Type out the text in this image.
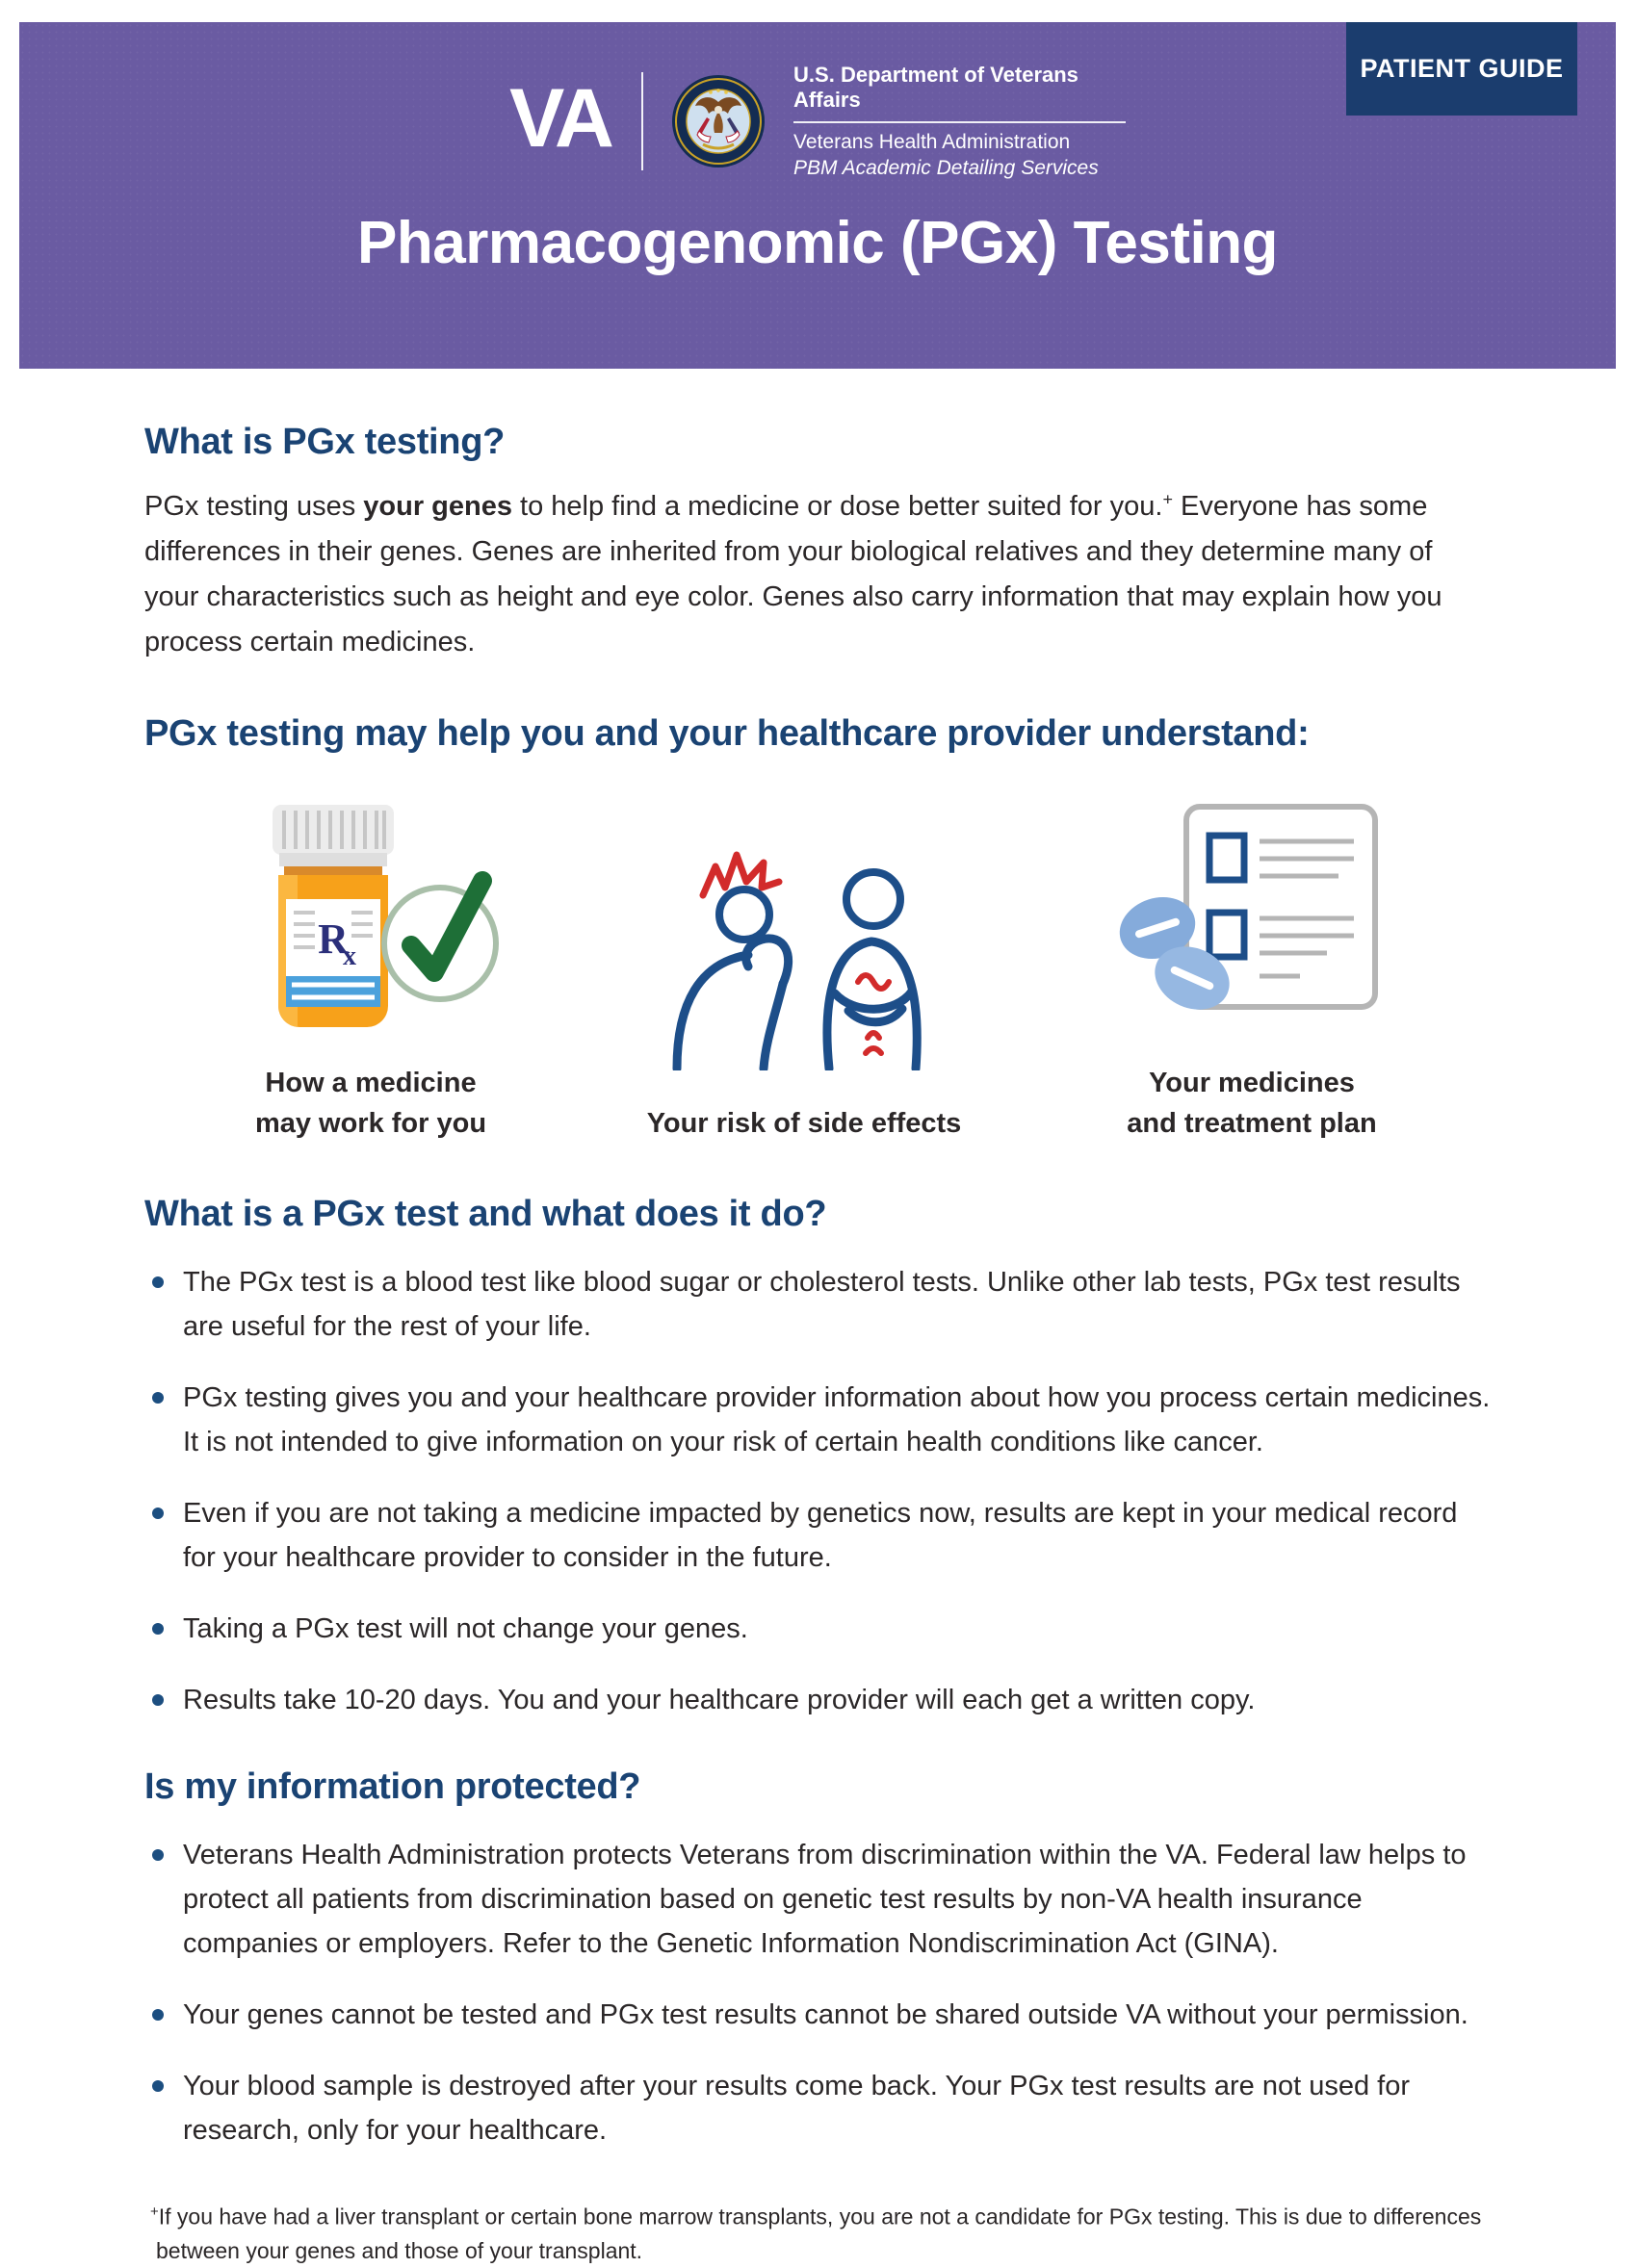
PATIENT GUIDE
VA	U.S. Department of Veterans Affairs
Veterans Health Administration
PBM Academic Detailing Services
Pharmacogenomic (PGx) Testing
What is PGx testing?

PGx testing uses your genes to help find a medicine or dose better suited for you.+ Everyone has some differences in their genes. Genes are inherited from your biological relatives and they determine many of your characteristics such as height and eye color. Genes also carry information that may explain how you process certain medicines.

PGx testing may help you and your healthcare provider understand:
R
x
How a medicine
may work for you	Your risk of side effects
Your medicines
and treatment plan
What is a PGx test and what does it do?
The PGx test is a blood test like blood sugar or cholesterol tests. Unlike other lab tests, PGx test results are useful for the rest of your life.
PGx testing gives you and your healthcare provider information about how you process certain medicines. It is not intended to give information on your risk of certain health conditions like cancer.
Even if you are not taking a medicine impacted by genetics now, results are kept in your medical record for your healthcare provider to consider in the future.
Taking a PGx test will not change your genes.
Results take 10-20 days. You and your healthcare provider will each get a written copy.
Is my information protected?
Veterans Health Administration protects Veterans from discrimination within the VA. Federal law helps to protect all patients from discrimination based on genetic test results by non-VA health insurance companies or employers. Refer to the Genetic Information Nondiscrimination Act (GINA).
Your genes cannot be tested and PGx test results cannot be shared outside VA without your permission.
Your blood sample is destroyed after your results come back. Your PGx test results are not used for research, only for your healthcare.

+If you have had a liver transplant or certain bone marrow transplants, you are not a candidate for PGx testing. This is due to differences between your genes and those of your transplant.
